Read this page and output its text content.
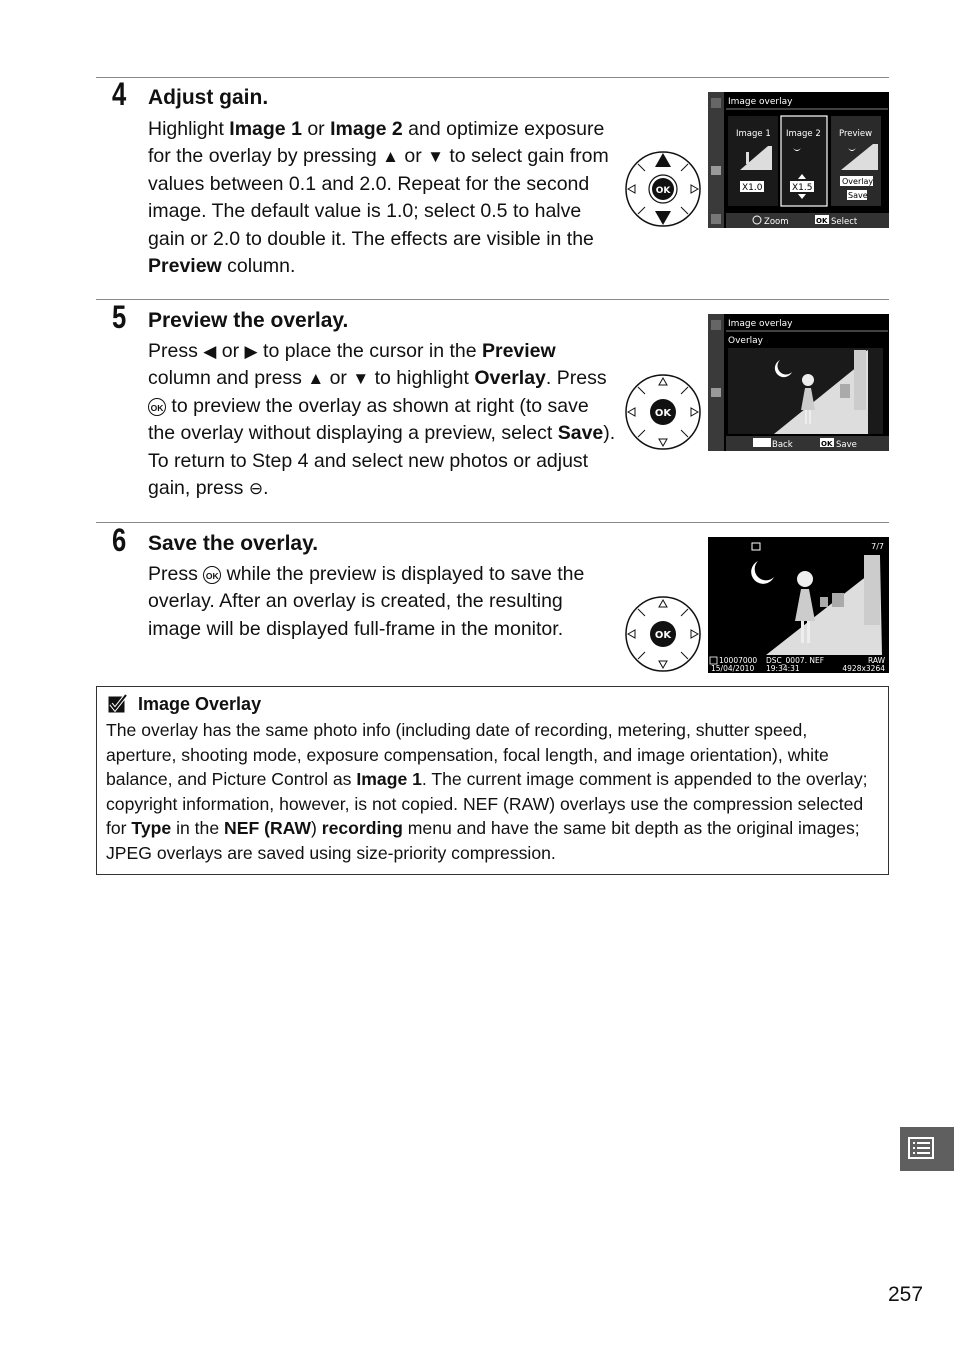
4 Adjust gain.
Highlight Image 1 or Image 2 and optimize exposure for the overlay by pressing ▲ or ▼ to select gain from values between 0.1 and 2.0. Repeat for the second image. The default value is 1.0; select 0.5 to halve gain or 2.0 to double it. The effects are visible in the Preview column.
OK
Image overlay
Image 1 Image 2 Preview
X1.0	X1.5
Overlay
Save
Zoom	OK Select
5 Preview the overlay.
Press ◀ or ▶ to place the cursor in the Preview column and press ▲ or ▼ to highlight Overlay. Press OK to preview the overlay as shown at right (to save the overlay without displaying a preview, select Save). To return to Step 4 and select new photos or adjust gain, press ⊖.
OK
Image overlay
Overlay
Back	OK Save
6 Save the overlay.
Press OK while the preview is displayed to save the overlay. After an overlay is created, the resulting image will be displayed full-frame in the monitor.	OK
7/7
10007000 DSC_0007. NEF
15/04/2010 19:34:31
RAW
4928x3264
Image Overlay
The overlay has the same photo info (including date of recording, metering, shutter speed, aperture, shooting mode, exposure compensation, focal length, and image orientation), white balance, and Picture Control as Image 1. The current image comment is appended to the overlay; copyright information, however, is not copied. NEF (RAW) overlays use the compression selected for Type in the NEF (RAW) recording menu and have the same bit depth as the original images; JPEG overlays are saved using size-priority compression.
257
